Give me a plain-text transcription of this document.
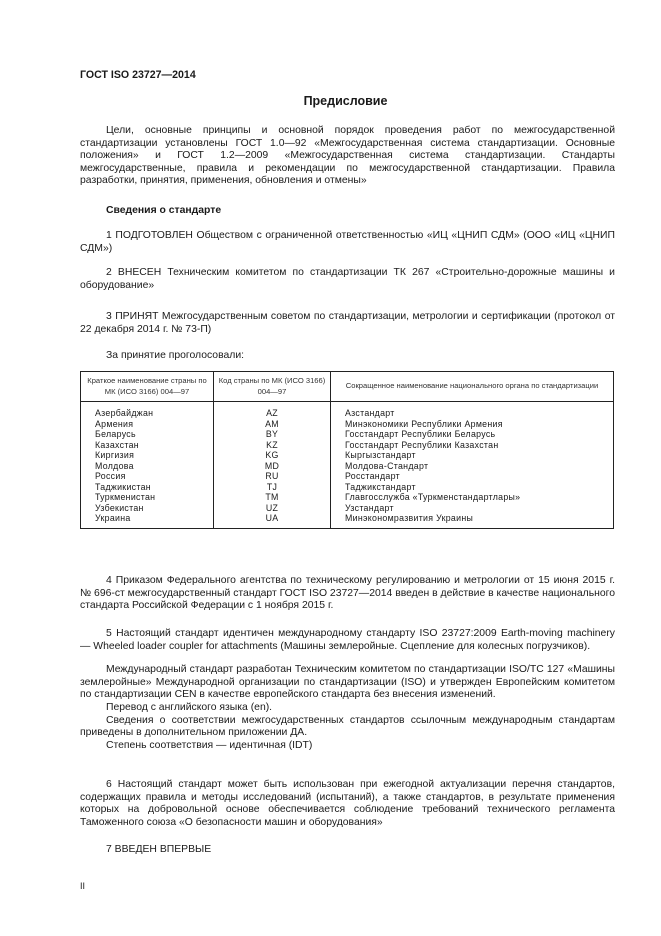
ГОСТ ISO 23727—2014
Предисловие

Цели, основные принципы и основной порядок проведения работ по межгосударственной стандартизации установлены ГОСТ 1.0—92 «Межгосударственная система стандартизации. Основные положения» и ГОСТ 1.2—2009 «Межгосударственная система стандартизации. Стандарты межгосударственные, правила и рекомендации по межгосударственной стандартизации. Правила разработки, принятия, применения, обновления и отмены»

Сведения о стандарте

1 ПОДГОТОВЛЕН Обществом с ограниченной ответственностью «ИЦ «ЦНИП СДМ» (ООО «ИЦ «ЦНИП СДМ»)

2 ВНЕСЕН Техническим комитетом по стандартизации ТК 267 «Строительно-дорожные машины и оборудование»

3 ПРИНЯТ Межгосударственным советом по стандартизации, метрологии и сертификации (протокол от 22 декабря 2014 г. № 73-П)

За принятие проголосовали:

Краткое наименование страны по МК (ИСО 3166) 004—97	Код страны по МК (ИСО 3166) 004—97	Сокращенное наименование национального органа по стандартизации
Азербайджан	AZ	Азстандарт
Армения	AM	Минэкономики Республики Армения
Беларусь	BY	Госстандарт Республики Беларусь
Казахстан	KZ	Госстандарт Республики Казахстан
Киргизия	KG	Кыргызстандарт
Молдова	MD	Молдова-Стандарт
Россия	RU	Росстандарт
Таджикистан	TJ	Таджикстандарт
Туркменистан	TM	Главгосслужба «Туркменстандартлары»
Узбекистан	UZ	Узстандарт
Украина	UA	Минэкономразвития Украины

4 Приказом Федерального агентства по техническому регулированию и метрологии от 15 июня 2015 г. № 696-ст межгосударственный стандарт ГОСТ ISO 23727—2014 введен в действие в качестве национального стандарта Российской Федерации с 1 ноября 2015 г.

5 Настоящий стандарт идентичен международному стандарту ISO 23727:2009 Earth-moving machinery — Wheeled loader coupler for attachments (Машины землеройные. Сцепление для колесных погрузчиков).

Международный стандарт разработан Техническим комитетом по стандартизации ISO/TC 127 «Машины землеройные» Международной организации по стандартизации (ISO) и утвержден Европейским комитетом по стандартизации CEN в качестве европейского стандарта без внесения изменений.

Перевод с английского языка (en).

Сведения о соответствии межгосударственных стандартов ссылочным международным стандартам приведены в дополнительном приложении ДА.

Степень соответствия — идентичная (IDT)

6 Настоящий стандарт может быть использован при ежегодной актуализации перечня стандартов, содержащих правила и методы исследований (испытаний), а также стандартов, в результате применения которых на добровольной основе обеспечивается соблюдение требований технического регламента Таможенного союза «О безопасности машин и оборудования»

7 ВВЕДЕН ВПЕРВЫЕ

II
